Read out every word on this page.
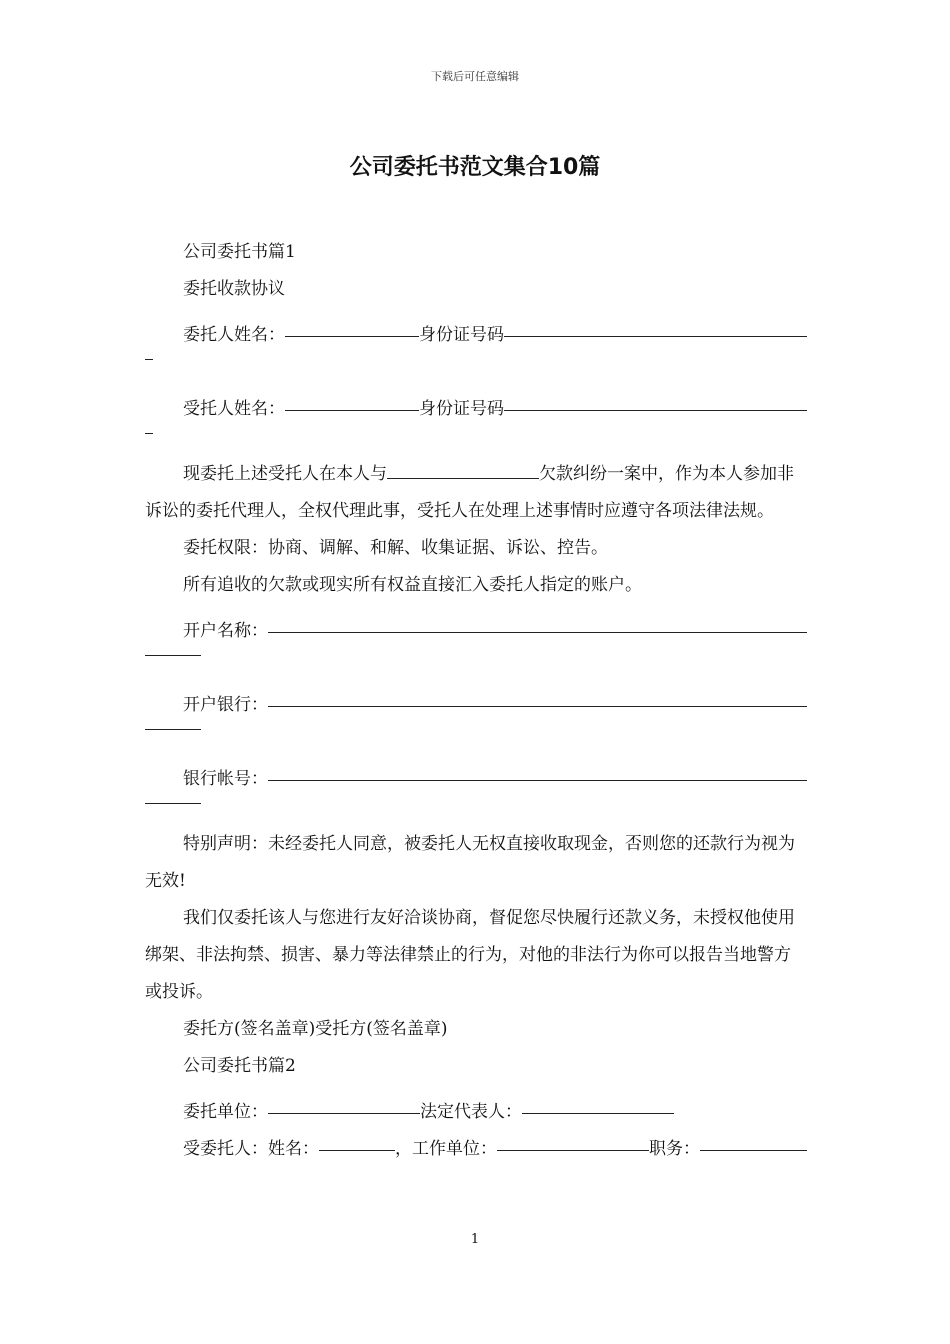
下载后可任意编辑
公司委托书范文集合10篇

公司委托书篇1

委托收款协议

委托人姓名：	身份证号码
受托人姓名：	身份证号码

现委托上述受托人在本人与	欠款纠纷一案中，作为本人参加非诉讼的委托代理人，全权代理此事，受托人在处理上述事情时应遵守各项法律法规。

委托权限：协商、调解、和解、收集证据、诉讼、控告。

所有追收的欠款或现实所有权益直接汇入委托人指定的账户。

开户名称：
开户银行：
银行帐号：

特别声明：未经委托人同意，被委托人无权直接收取现金，否则您的还款行为视为无效!

我们仅委托该人与您进行友好洽谈协商，督促您尽快履行还款义务，未授权他使用绑架、非法拘禁、损害、暴力等法律禁止的行为，对他的非法行为你可以报告当地警方或投诉。

委托方(签名盖章)受托方(签名盖章)

公司委托书篇2

委托单位：	法定代表人：
受委托人：姓名：	，工作单位：	职务：
1
